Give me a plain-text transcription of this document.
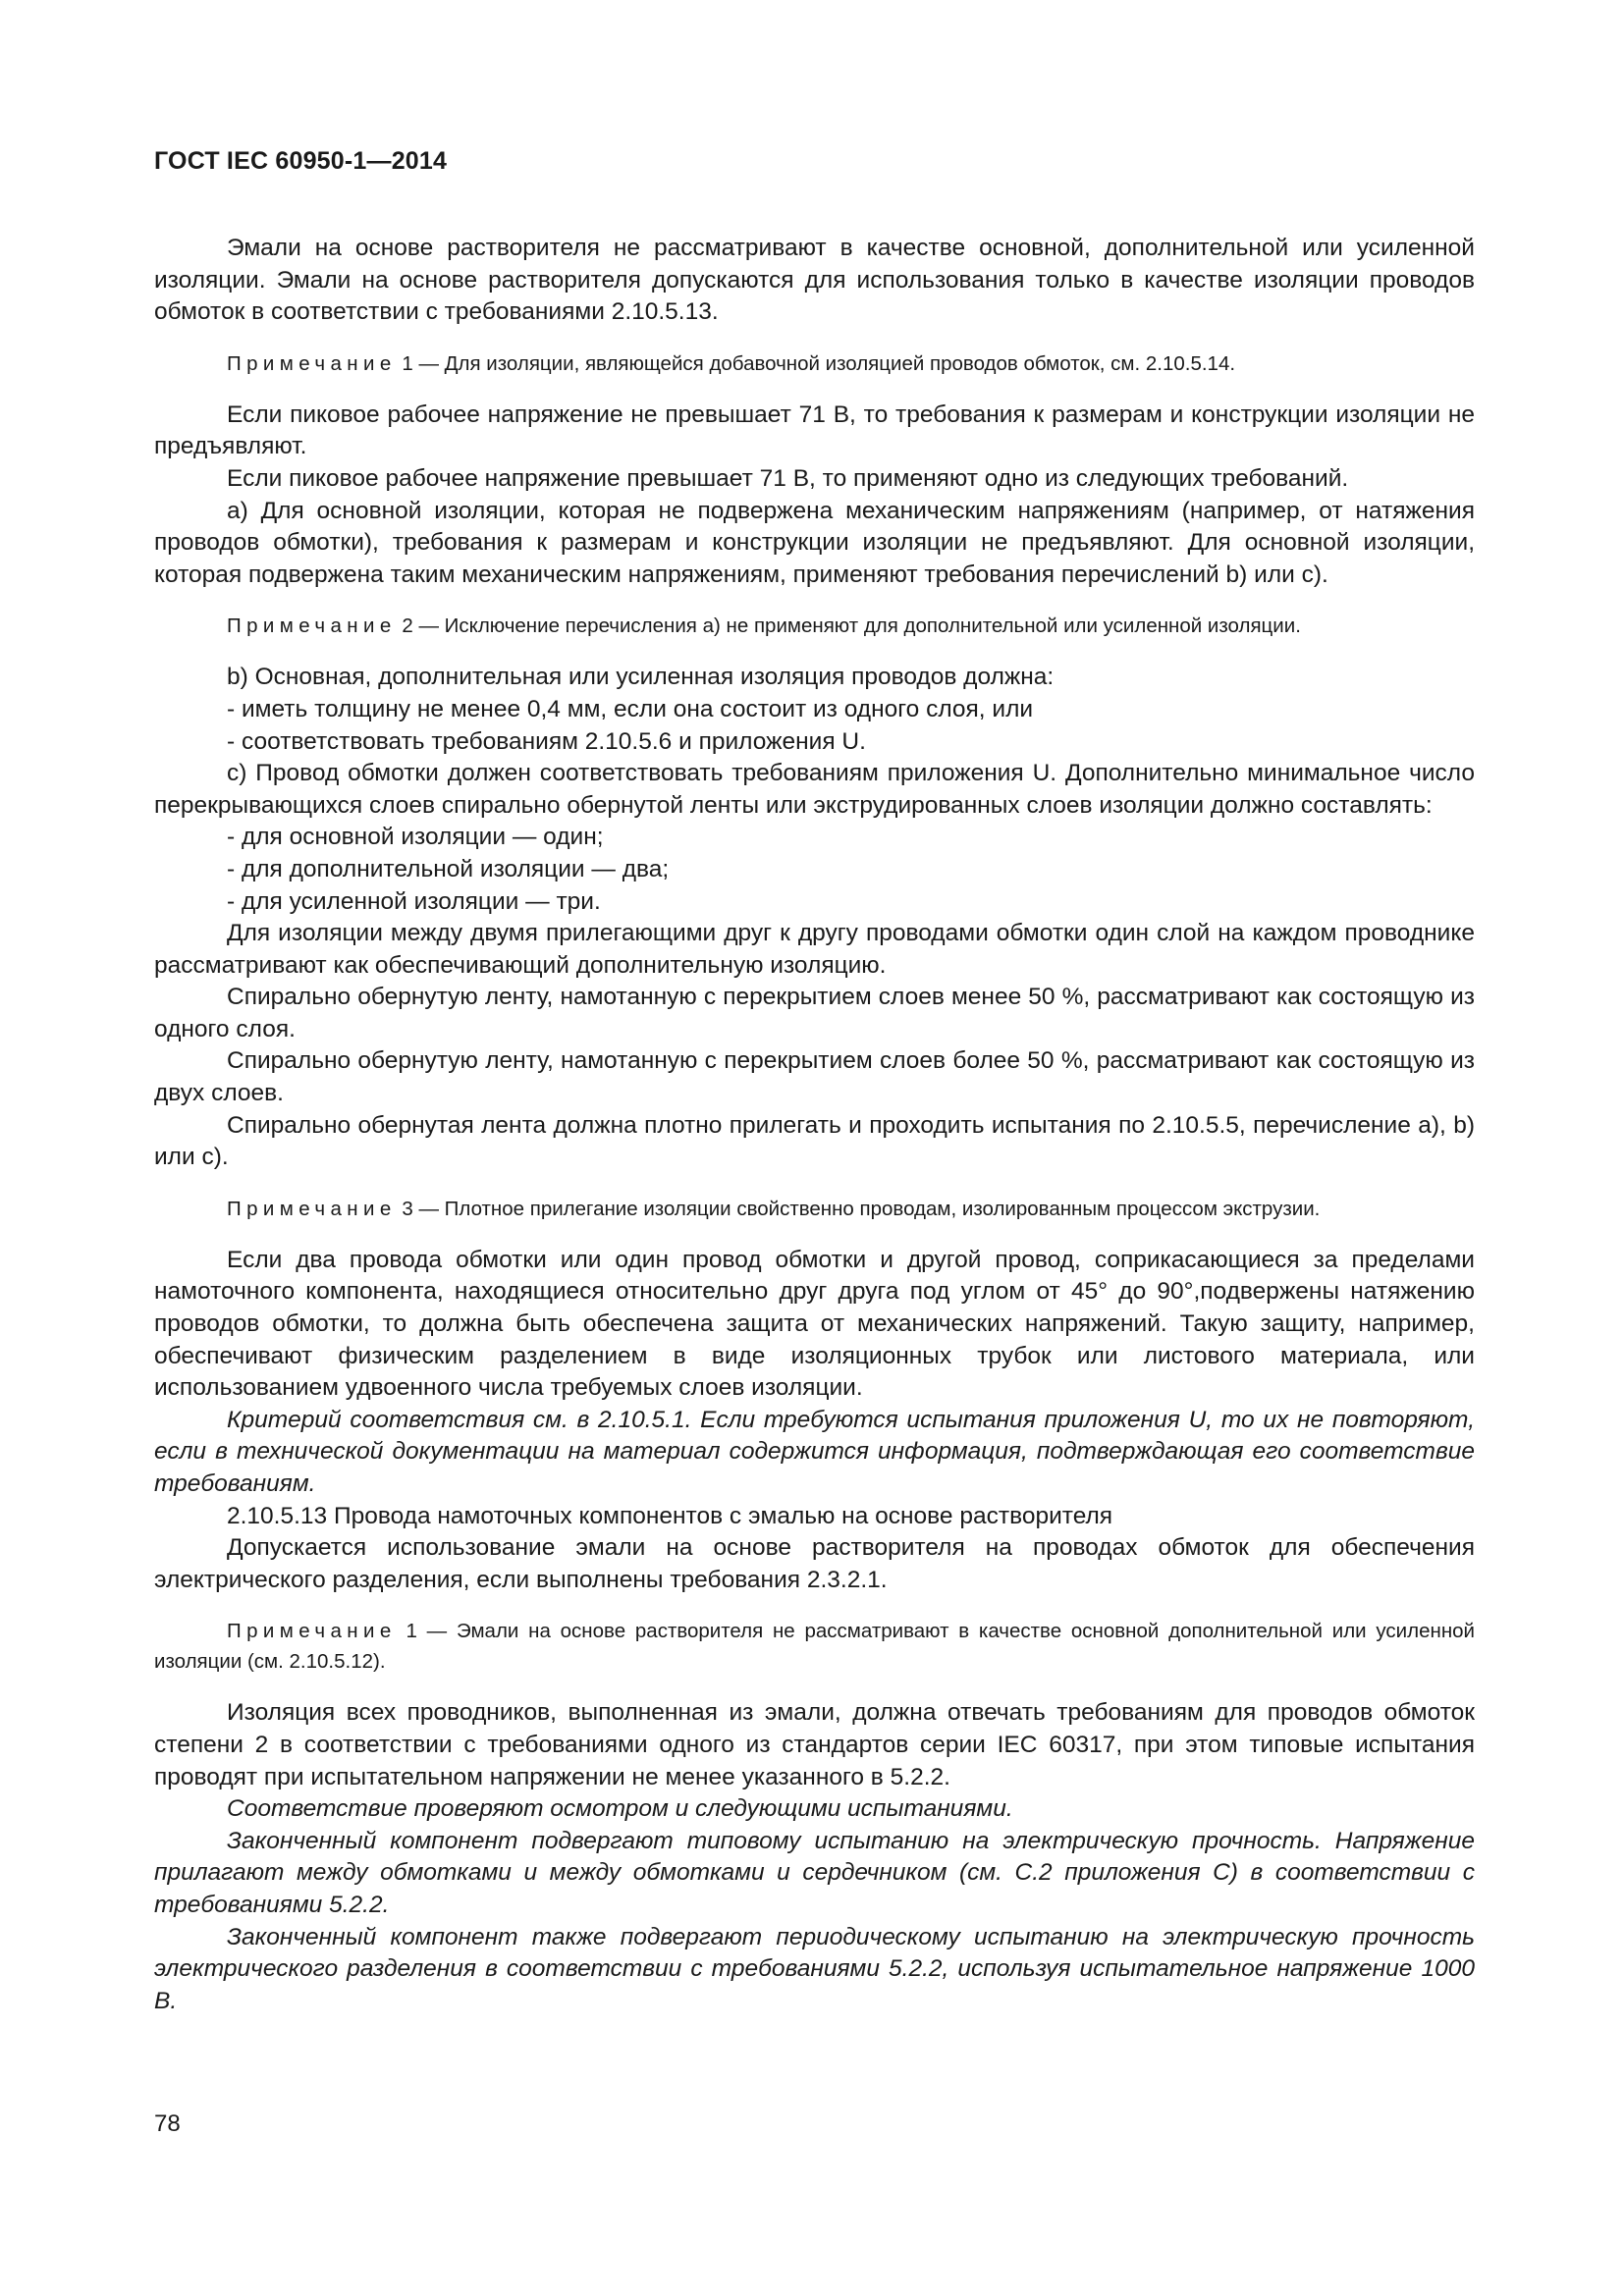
ГОСТ IEC 60950-1—2014
Эмали на основе растворителя не рассматривают в качестве основной, дополнительной или усиленной изоляции. Эмали на основе растворителя допускаются для использования только в качестве изоляции проводов обмоток в соответствии с требованиями 2.10.5.13.
Примечание 1 — Для изоляции, являющейся добавочной изоляцией проводов обмоток, см. 2.10.5.14.
Если пиковое рабочее напряжение не превышает 71 В, то требования к размерам и конструкции изоляции не предъявляют.
Если пиковое рабочее напряжение превышает 71 В, то применяют одно из следующих требований.
a) Для основной изоляции, которая не подвержена механическим напряжениям (например, от натяжения проводов обмотки), требования к размерам и конструкции изоляции не предъявляют. Для основной изоляции, которая подвержена таким механическим напряжениям, применяют требования перечислений b) или c).
Примечание 2 — Исключение перечисления а) не применяют для дополнительной или усиленной изоляции.
b) Основная, дополнительная или усиленная изоляция проводов должна:
- иметь толщину не менее 0,4 мм, если она состоит из одного слоя, или
- соответствовать требованиям 2.10.5.6 и приложения U.
c) Провод обмотки должен соответствовать требованиям приложения U. Дополнительно минимальное число перекрывающихся слоев спирально обернутой ленты или экструдированных слоев изоляции должно составлять:
- для основной изоляции — один;
- для дополнительной изоляции — два;
- для усиленной изоляции — три.
Для изоляции между двумя прилегающими друг к другу проводами обмотки один слой на каждом проводнике рассматривают как обеспечивающий дополнительную изоляцию.
Спирально обернутую ленту, намотанную с перекрытием слоев менее 50 %, рассматривают как состоящую из одного слоя.
Спирально обернутую ленту, намотанную с перекрытием слоев более 50 %, рассматривают как состоящую из двух слоев.
Спирально обернутая лента должна плотно прилегать и проходить испытания по 2.10.5.5, перечисление a), b) или c).
Примечание 3 — Плотное прилегание изоляции свойственно проводам, изолированным процессом экструзии.
Если два провода обмотки или один провод обмотки и другой провод, соприкасающиеся за пределами намоточного компонента, находящиеся относительно друг друга под углом от 45° до 90°,подвержены натяжению проводов обмотки, то должна быть обеспечена защита от механических напряжений. Такую защиту, например, обеспечивают физическим разделением в виде изоляционных трубок или листового материала, или использованием удвоенного числа требуемых слоев изоляции.
Критерий соответствия см. в 2.10.5.1. Если требуются испытания приложения U, то их не повторяют, если в технической документации на материал содержится информация, подтверждающая его соответствие требованиям.
2.10.5.13 Провода намоточных компонентов с эмалью на основе растворителя
Допускается использование эмали на основе растворителя на проводах обмоток для обеспечения электрического разделения, если выполнены требования 2.3.2.1.
Примечание 1 — Эмали на основе растворителя не рассматривают в качестве основной дополнительной или усиленной изоляции (см. 2.10.5.12).
Изоляция всех проводников, выполненная из эмали, должна отвечать требованиям для проводов обмоток степени 2 в соответствии с требованиями одного из стандартов серии IEC 60317, при этом типовые испытания проводят при испытательном напряжении не менее указанного в 5.2.2.
Соответствие проверяют осмотром и следующими испытаниями.
Законченный компонент подвергают типовому испытанию на электрическую прочность. Напряжение прилагают между обмотками и между обмотками и сердечником (см. С.2 приложения С) в соответствии с требованиями 5.2.2.
Законченный компонент также подвергают периодическому испытанию на электрическую прочность электрического разделения в соответствии с требованиями 5.2.2, используя испытательное напряжение 1000 В.
78
